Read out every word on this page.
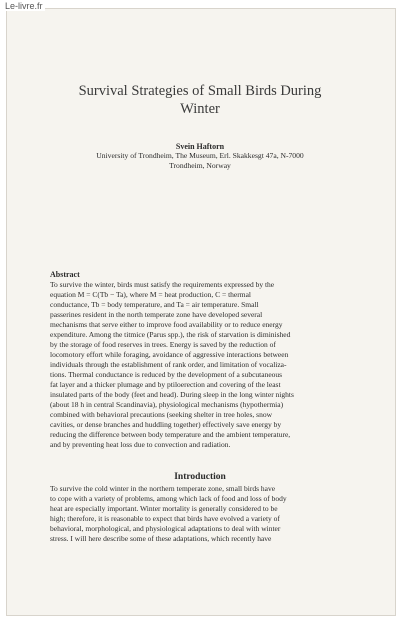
Le-livre.fr
Survival Strategies of Small Birds During
Winter
Svein Haftorn
University of Trondheim, The Museum, Erl. Skakkesgt 47a, N-7000
Trondheim, Norway
Abstract
To survive the winter, birds must satisfy the requirements expressed by the
equation M = C(Tb − Ta), where M = heat production, C = thermal
conductance, Tb = body temperature, and Ta = air temperature. Small
passerines resident in the north temperate zone have developed several
mechanisms that serve either to improve food availability or to reduce energy
expenditure. Among the titmice (Parus spp.), the risk of starvation is diminished
by the storage of food reserves in trees. Energy is saved by the reduction of
locomotory effort while foraging, avoidance of aggressive interactions between
individuals through the establishment of rank order, and limitation of vocaliza-
tions. Thermal conductance is reduced by the development of a subcutaneous
fat layer and a thicker plumage and by ptiloerection and covering of the least
insulated parts of the body (feet and head). During sleep in the long winter nights
(about 18 h in central Scandinavia), physiological mechanisms (hypothermia)
combined with behavioral precautions (seeking shelter in tree holes, snow
cavities, or dense branches and huddling together) effectively save energy by
reducing the difference between body temperature and the ambient temperature,
and by preventing heat loss due to convection and radiation.
Introduction
To survive the cold winter in the northern temperate zone, small birds have
to cope with a variety of problems, among which lack of food and loss of body
heat are especially important. Winter mortality is generally considered to be
high; therefore, it is reasonable to expect that birds have evolved a variety of
behavioral, morphological, and physiological adaptations to deal with winter
stress. I will here describe some of these adaptations, which recently have
